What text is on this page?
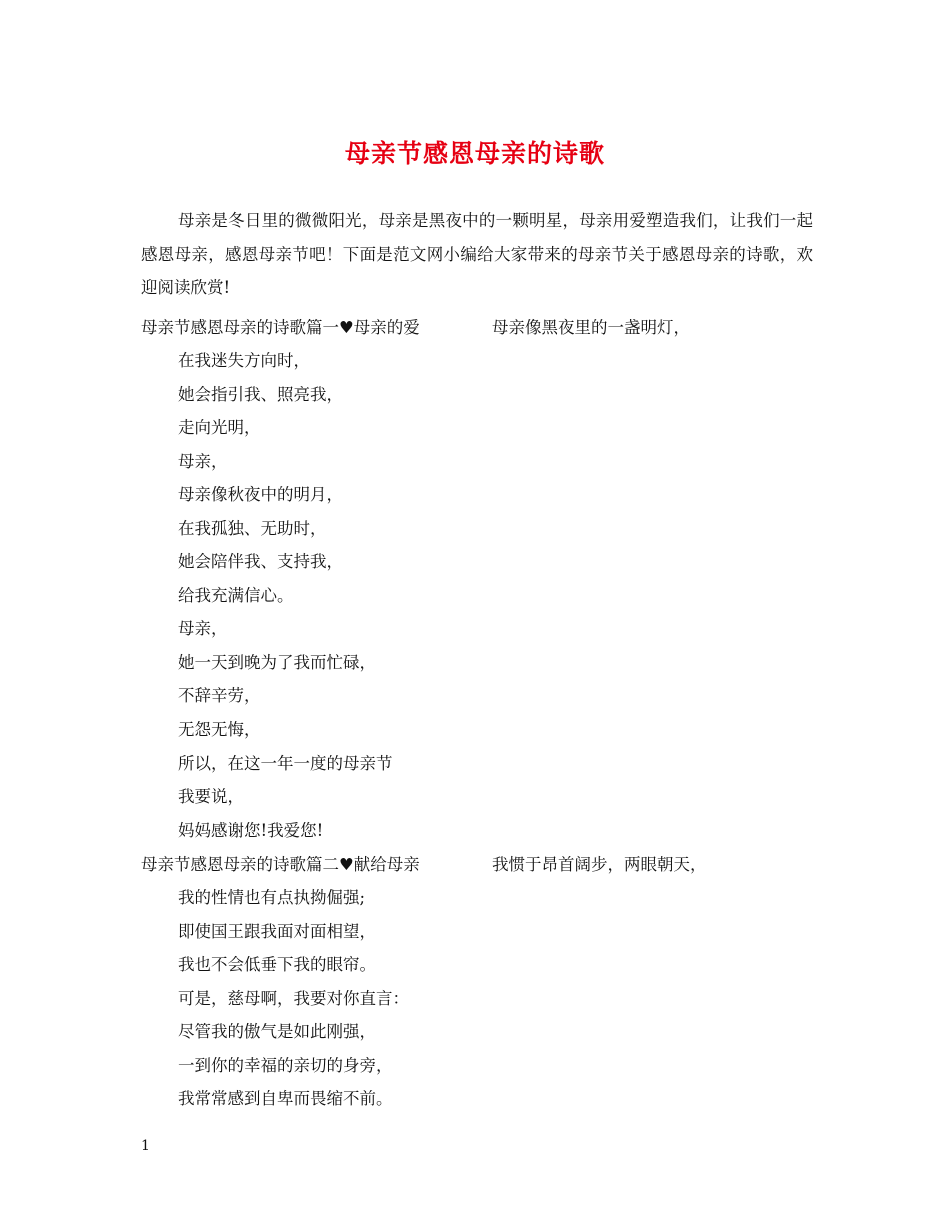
母亲节感恩母亲的诗歌
母亲是冬日里的微微阳光，母亲是黑夜中的一颗明星，母亲用爱塑造我们，让我们一起感恩母亲，感恩母亲节吧！下面是范文网小编给大家带来的母亲节关于感恩母亲的诗歌，欢迎阅读欣赏!
母亲节感恩母亲的诗歌篇一♥母亲的爱	母亲像黑夜里的一盏明灯，
在我迷失方向时，
她会指引我、照亮我，
走向光明，
母亲，
母亲像秋夜中的明月，
在我孤独、无助时，
她会陪伴我、支持我，
给我充满信心。
母亲，
她一天到晚为了我而忙碌，
不辞辛劳，
无怨无悔，
所以，在这一年一度的母亲节
我要说，
妈妈感谢您!我爱您!
母亲节感恩母亲的诗歌篇二♥献给母亲	我惯于昂首阔步，两眼朝天，
我的性情也有点执拗倔强;
即使国王跟我面对面相望，
我也不会低垂下我的眼帘。
可是，慈母啊，我要对你直言：
尽管我的傲气是如此刚强，
一到你的幸福的亲切的身旁，
我常常感到自卑而畏缩不前。
1
